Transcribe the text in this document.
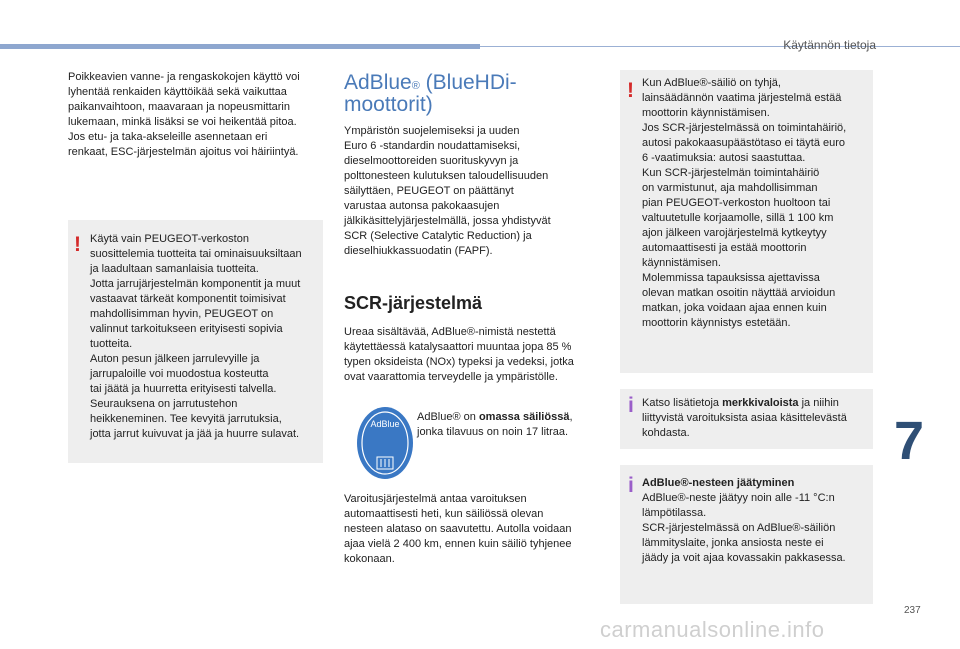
Käytännön tietoja
Poikkeavien vanne- ja rengaskokojen käyttö voi
lyhentää renkaiden käyttöikää sekä vaikuttaa
paikanvaihtoon, maavaraan ja nopeusmittarin
lukemaan, minkä lisäksi se voi heikentää pitoa.
Jos etu- ja taka-akseleille asennetaan eri
renkaat, ESC-järjestelmän ajoitus voi häiriintyä.
! Käytä vain PEUGEOT-verkoston
suosittelemia tuotteita tai ominaisuuksiltaan
ja laadultaan samanlaisia tuotteita.
Jotta jarrujärjestelmän komponentit ja muut
vastaavat tärkeät komponentit toimisivat
mahdollisimman hyvin, PEUGEOT on
valinnut tarkoitukseen erityisesti sopivia
tuotteita.
Auton pesun jälkeen jarrulevyille ja
jarrupaloille voi muodostua kosteutta
tai jäätä ja huurretta erityisesti talvella.
Seurauksena on jarrutustehon
heikkeneminen. Tee kevyitä jarrutuksia,
jotta jarrut kuivuvat ja jää ja huurre sulavat.
AdBlue® (BlueHDi-
moottorit)
Ympäristön suojelemiseksi ja uuden
Euro 6 -standardin noudattamiseksi,
dieselmoottoreiden suorituskyvyn ja
polttonesteen kulutuksen taloudellisuuden
säilyttäen, PEUGEOT on päättänyt
varustaa autonsa pakokaasujen
jälkikäsittelyjärjestelmällä, jossa yhdistyvät
SCR (Selective Catalytic Reduction) ja
dieselhiukkassuodatin (FAPF).
SCR-järjestelmä
Ureaa sisältävää, AdBlue®-nimistä nestettä
käytettäessä katalysaattori muuntaa jopa 85 %
typen oksideista (NOx) typeksi ja vedeksi, jotka
ovat vaarattomia terveydelle ja ympäristölle.
AdBlue
AdBlue® on omassa säiliössä,
jonka tilavuus on noin 17 litraa.
Varoitusjärjestelmä antaa varoituksen
automaattisesti heti, kun säiliössä olevan
nesteen alataso on saavutettu. Autolla voidaan
ajaa vielä 2 400 km, ennen kuin säiliö tyhjenee
kokonaan.
! Kun AdBlue®-säiliö on tyhjä,
lainsäädännön vaatima järjestelmä estää
moottorin käynnistämisen.
Jos SCR-järjestelmässä on toimintahäiriö,
autosi pakokaasupäästötaso ei täytä euro
6 -vaatimuksia: autosi saastuttaa.
Kun SCR-järjestelmän toimintahäiriö
on varmistunut, aja mahdollisimman
pian PEUGEOT-verkoston huoltoon tai
valtuutetulle korjaamolle, sillä 1 100 km
ajon jälkeen varojärjestelmä kytkeytyy
automaattisesti ja estää moottorin
käynnistämisen.
Molemmissa tapauksissa ajettavissa
olevan matkan osoitin näyttää arvioidun
matkan, joka voidaan ajaa ennen kuin
moottorin käynnistys estetään.
i Katso lisätietoja merkkivaloista ja niihin
liittyvistä varoituksista asiaa käsittelevästä
kohdasta.
i AdBlue®-nesteen jäätyminen
AdBlue®-neste jäätyy noin alle -11 °C:n
lämpötilassa.
SCR-järjestelmässä on AdBlue®-säiliön
lämmityslaite, jonka ansiosta neste ei
jäädy ja voit ajaa kovassakin pakkasessa.
7
237
carmanualsonline.info
